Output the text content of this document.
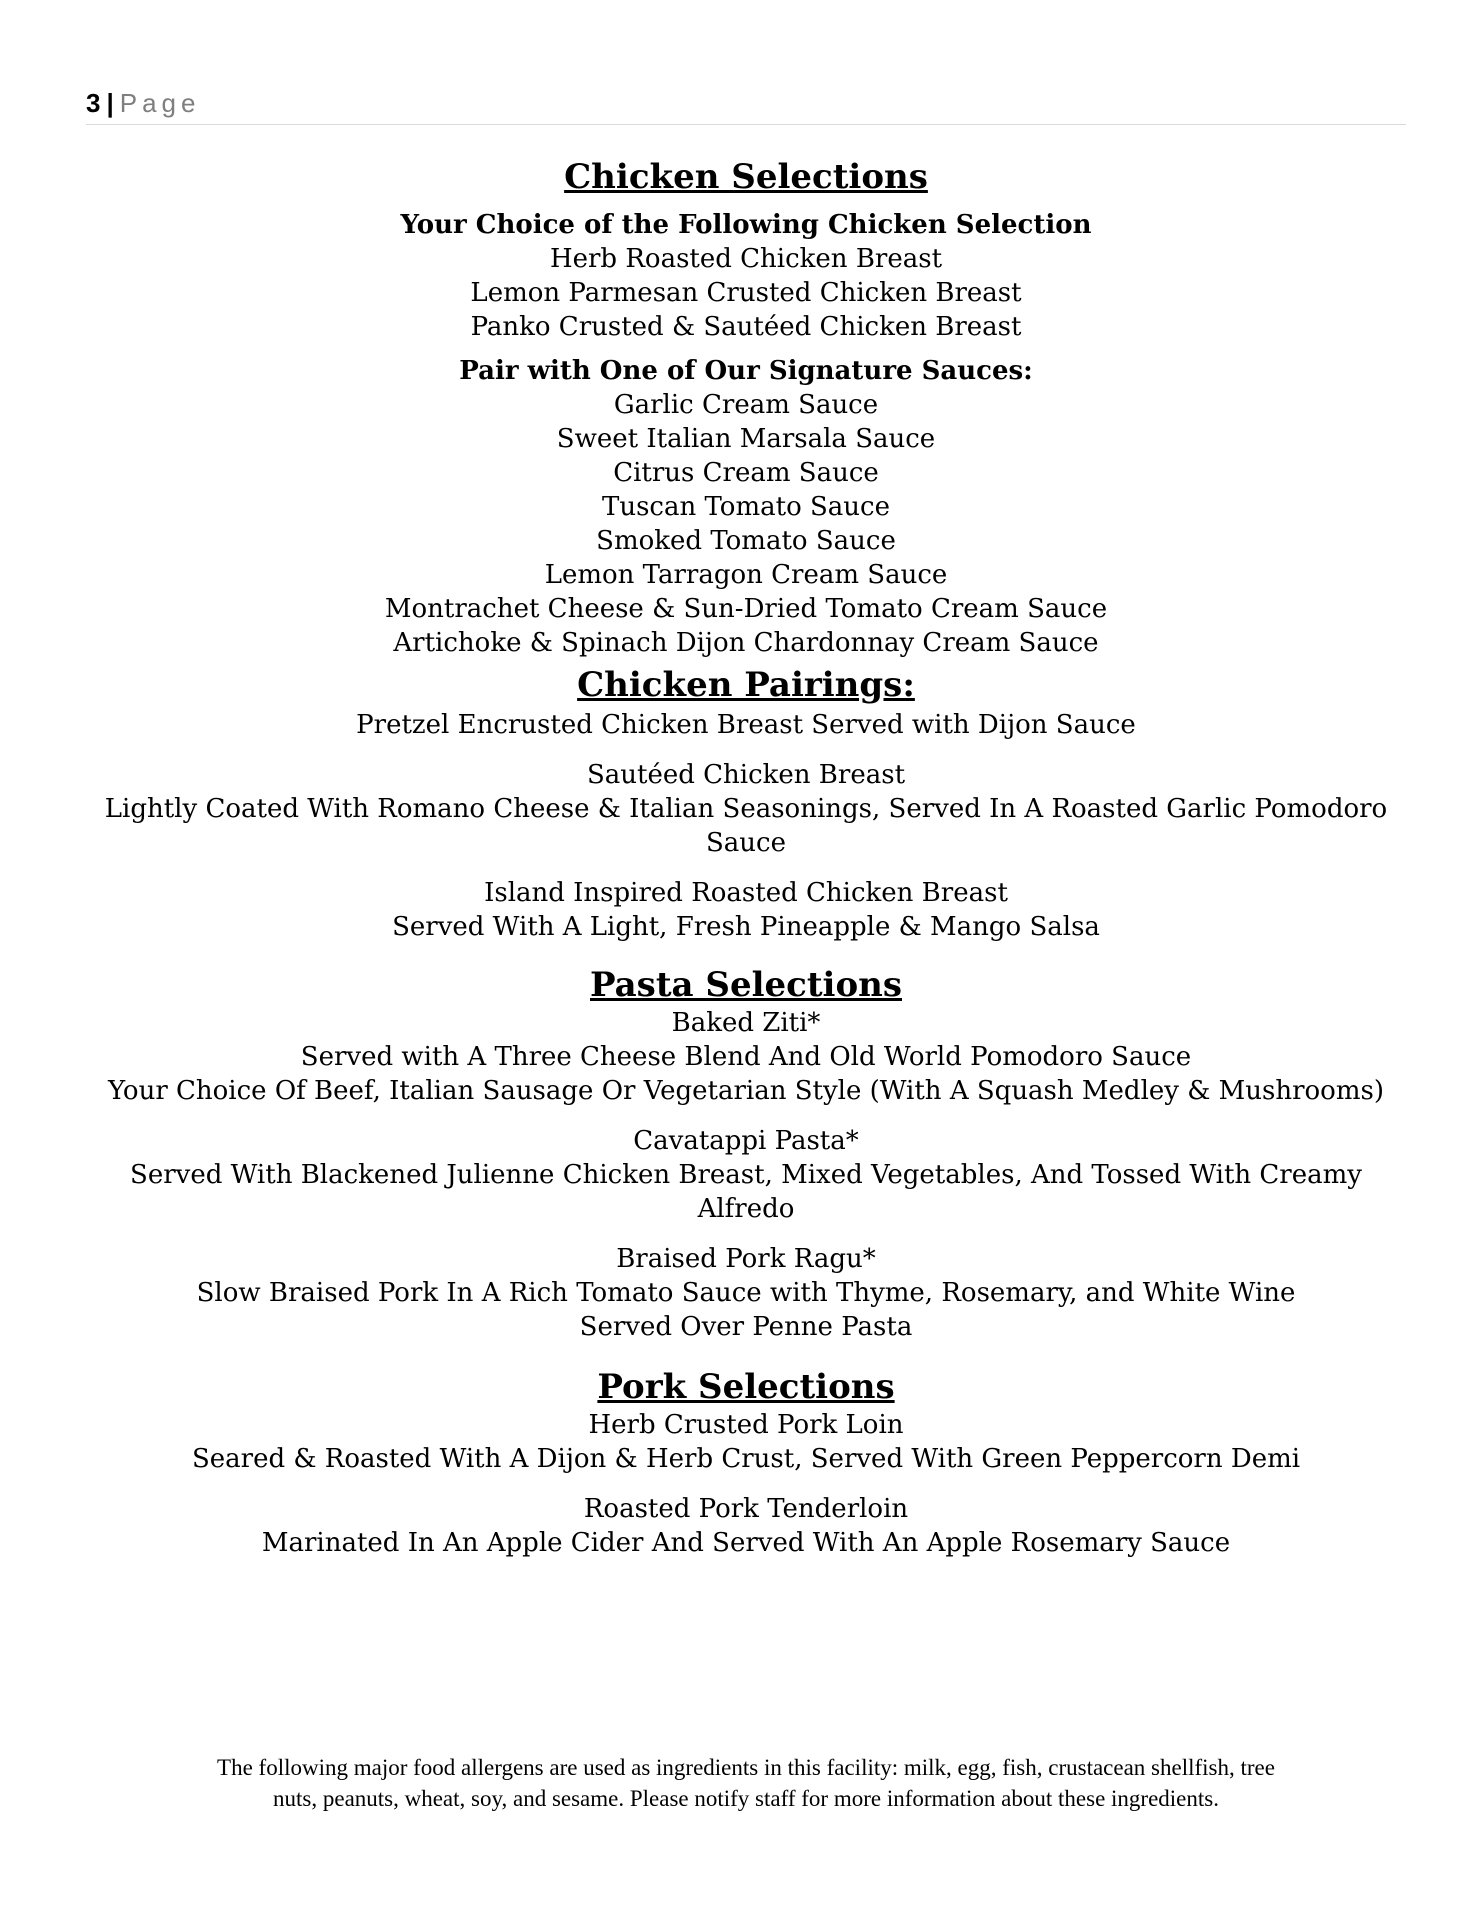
3 | Page
Chicken Selections
Your Choice of the Following Chicken Selection
Herb Roasted Chicken Breast
Lemon Parmesan Crusted Chicken Breast
Panko Crusted & Sautéed Chicken Breast
Pair with One of Our Signature Sauces:
Garlic Cream Sauce
Sweet Italian Marsala Sauce
Citrus Cream Sauce
Tuscan Tomato Sauce
Smoked Tomato Sauce
Lemon Tarragon Cream Sauce
Montrachet Cheese & Sun-Dried Tomato Cream Sauce
Artichoke & Spinach Dijon Chardonnay Cream Sauce
Chicken Pairings:
Pretzel Encrusted Chicken Breast Served with Dijon Sauce
Sautéed Chicken Breast
Lightly Coated With Romano Cheese & Italian Seasonings, Served In A Roasted Garlic Pomodoro Sauce
Island Inspired Roasted Chicken Breast
Served With A Light, Fresh Pineapple & Mango Salsa
Pasta Selections
Baked Ziti*
Served with A Three Cheese Blend And Old World Pomodoro Sauce
Your Choice Of Beef, Italian Sausage Or Vegetarian Style (With A Squash Medley & Mushrooms)
Cavatappi Pasta*
Served With Blackened Julienne Chicken Breast, Mixed Vegetables, And Tossed With Creamy Alfredo
Braised Pork Ragu*
Slow Braised Pork In A Rich Tomato Sauce with Thyme, Rosemary, and White Wine
Served Over Penne Pasta
Pork Selections
Herb Crusted Pork Loin
Seared & Roasted With A Dijon & Herb Crust, Served With Green Peppercorn Demi
Roasted Pork Tenderloin
Marinated In An Apple Cider And Served With An Apple Rosemary Sauce
The following major food allergens are used as ingredients in this facility: milk, egg, fish, crustacean shellfish, tree
nuts, peanuts, wheat, soy, and sesame. Please notify staff for more information about these ingredients.
